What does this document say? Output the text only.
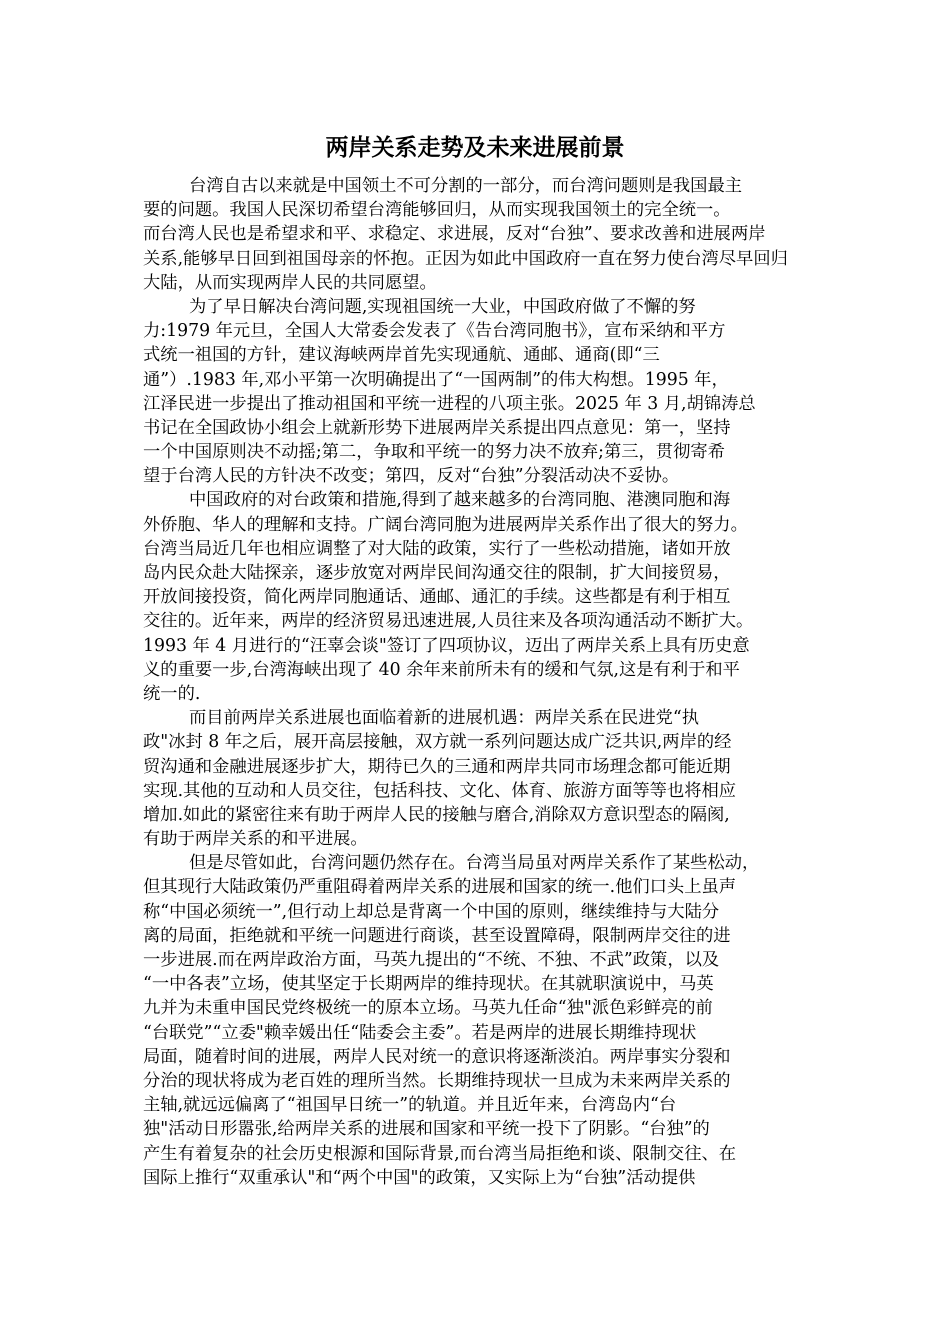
两岸关系走势及未来进展前景

台湾自古以来就是中国领土不可分割的一部分，而台湾问题则是我国最主
要的问题。我国人民深切希望台湾能够回归，从而实现我国领土的完全统一。
而台湾人民也是希望求和平、求稳定、求进展，反对“台独”、要求改善和进展两岸
关系,能够早日回到祖国母亲的怀抱。正因为如此中国政府一直在努力使台湾尽早回归
大陆，从而实现两岸人民的共同愿望。

为了早日解决台湾问题,实现祖国统一大业，中国政府做了不懈的努
力:1979 年元旦，全国人大常委会发表了《告台湾同胞书》，宣布采纳和平方
式统一祖国的方针，建议海峡两岸首先实现通航、通邮、通商(即“三
通”）.1983 年,邓小平第一次明确提出了“一国两制”的伟大构想。1995 年，
江泽民进一步提出了推动祖国和平统一进程的八项主张。2025 年 3 月,胡锦涛总
书记在全国政协小组会上就新形势下进展两岸关系提出四点意见：第一，坚持
一个中国原则决不动摇;第二，争取和平统一的努力决不放弃;第三，贯彻寄希
望于台湾人民的方针决不改变；第四，反对“台独”分裂活动决不妥协。

中国政府的对台政策和措施,得到了越来越多的台湾同胞、港澳同胞和海
外侨胞、华人的理解和支持。广阔台湾同胞为进展两岸关系作出了很大的努力。
台湾当局近几年也相应调整了对大陆的政策，实行了一些松动措施，诸如开放
岛内民众赴大陆探亲，逐步放宽对两岸民间沟通交往的限制，扩大间接贸易，
开放间接投资，简化两岸同胞通话、通邮、通汇的手续。这些都是有利于相互
交往的。近年来，两岸的经济贸易迅速进展,人员往来及各项沟通活动不断扩大。
1993 年 4 月进行的“汪辜会谈"签订了四项协议，迈出了两岸关系上具有历史意
义的重要一步,台湾海峡出现了 40 余年来前所未有的缓和气氛,这是有利于和平
统一的.

而目前两岸关系进展也面临着新的进展机遇：两岸关系在民进党“执
政"冰封 8 年之后，展开高层接触，双方就一系列问题达成广泛共识,两岸的经
贸沟通和金融进展逐步扩大，期待已久的三通和两岸共同市场理念都可能近期
实现.其他的互动和人员交往，包括科技、文化、体育、旅游方面等等也将相应
增加.如此的紧密往来有助于两岸人民的接触与磨合,消除双方意识型态的隔阂,
有助于两岸关系的和平进展。

但是尽管如此，台湾问题仍然存在。台湾当局虽对两岸关系作了某些松动，
但其现行大陆政策仍严重阻碍着两岸关系的进展和国家的统一.他们口头上虽声
称“中国必须统一”,但行动上却总是背离一个中国的原则，继续维持与大陆分
离的局面，拒绝就和平统一问题进行商谈，甚至设置障碍，限制两岸交往的进
一步进展.而在两岸政治方面，马英九提出的“不统、不独、不武”政策，以及
“一中各表”立场，使其坚定于长期两岸的维持现状。在其就职演说中，马英
九并为未重申国民党终极统一的原本立场。马英九任命“独"派色彩鲜亮的前
“台联党”“立委"赖幸媛出任“陆委会主委”。若是两岸的进展长期维持现状
局面，随着时间的进展，两岸人民对统一的意识将逐渐淡泊。两岸事实分裂和
分治的现状将成为老百姓的理所当然。长期维持现状一旦成为未来两岸关系的
主轴,就远远偏离了“祖国早日统一”的轨道。并且近年来，台湾岛内“台
独"活动日形嚣张,给两岸关系的进展和国家和平统一投下了阴影。“台独”的
产生有着复杂的社会历史根源和国际背景,而台湾当局拒绝和谈、限制交往、在
国际上推行“双重承认"和“两个中国"的政策，又实际上为“台独”活动提供
